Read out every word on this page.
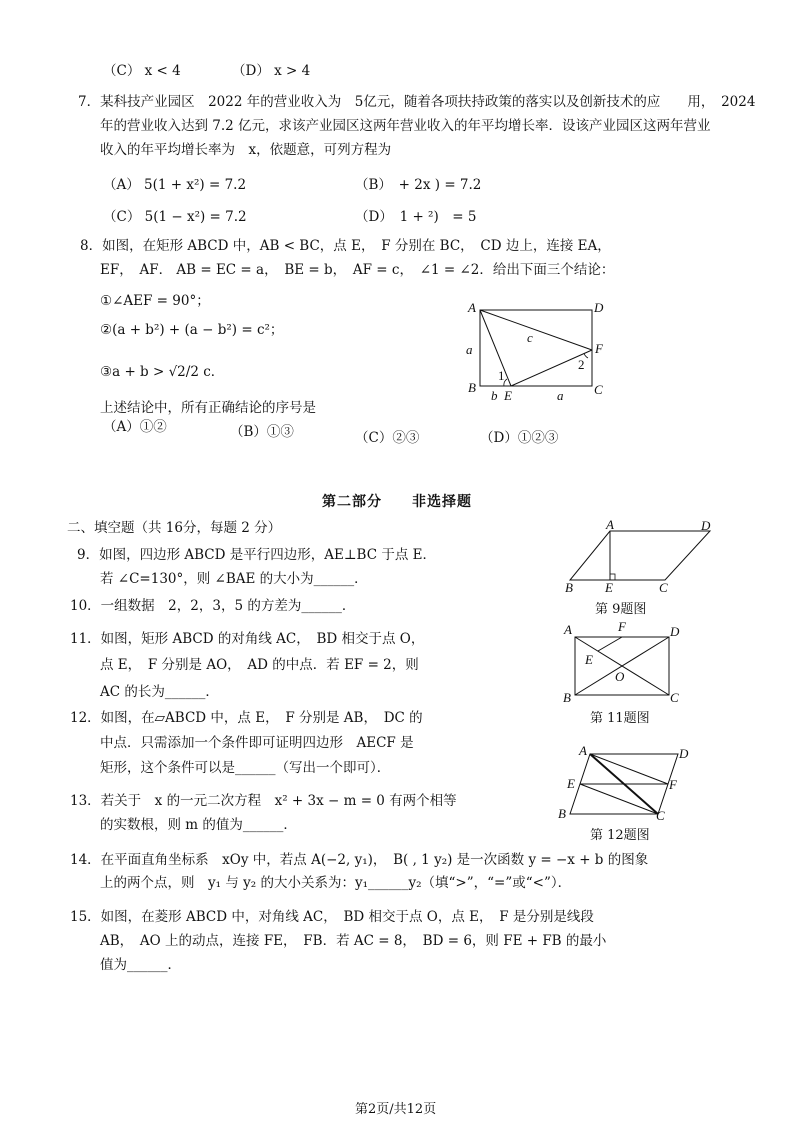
（C） x < 4	（D） x > 4
7．某科技产业园区　2022 年的营业收入为　5亿元，随着各项扶持政策的落实以及创新技术的应　　用，　2024
年的营业收入达到 7.2 亿元，求该产业园区这两年营业收入的年平均增长率．设该产业园区这两年营业
收入的年平均增长率为　x，依题意，可列方程为
（A） 5(1 + x²) = 7.2	（B）　+ 2x ) = 7.2
（C） 5(1 − x²) = 7.2	（D）　1 + ²)　= 5
8．如图，在矩形 ABCD 中，AB < BC，点 E，　F 分别在 BC，　CD 边上，连接 EA，
EF，　AF． AB = EC = a，　BE = b，　AF = c，　∠1 = ∠2．给出下面三个结论：
①∠AEF = 90°；
②(a + b²) + (a − b²) = c²；
③a + b > √2/2 c．
上述结论中，所有正确结论的序号是
（A）①②	（B）①③	（C）②③	（D）①②③
A	D
B	C
E
F
a
a
b
c
1
2
第二部分　　非选择题
二、填空题（共 16分，每题 2 分）
9．如图，四边形 ABCD 是平行四边形，AE⊥BC 于点 E．
若 ∠C=130°，则 ∠BAE 的大小为______．
A	D
B E	C
第 9题图
10．一组数据　2，2，3，5 的方差为______．
11．如图，矩形 ABCD 的对角线 AC，　BD 相交于点 O，
点 E，　F 分别是 AO，　AD 的中点．若 EF = 2，则
AC 的长为______．
A	F	D
E
O
B	C
第 11题图
12．如图，在▱ABCD 中，点 E，　F 分别是 AB，　DC 的
中点．只需添加一个条件即可证明四边形　AECF 是
矩形，这个条件可以是______（写出一个即可）．
A	D
E	F
B	C
第 12题图
13．若关于　x 的一元二次方程　x² + 3x − m = 0 有两个相等
的实数根，则 m 的值为______．
14．在平面直角坐标系　xOy 中，若点 A(−2, y₁)，　B( , 1 y₂) 是一次函数 y = −x + b 的图象
上的两个点，则　y₁ 与 y₂ 的大小关系为：y₁______y₂（填“>”，“=”或“<”）．
15．如图，在菱形 ABCD 中，对角线 AC，　BD 相交于点 O，点 E，　F 是分别是线段
AB，　AO 上的动点，连接 FE，　FB．若 AC = 8，　BD = 6，则 FE + FB 的最小
值为______．
第2页/共12页
